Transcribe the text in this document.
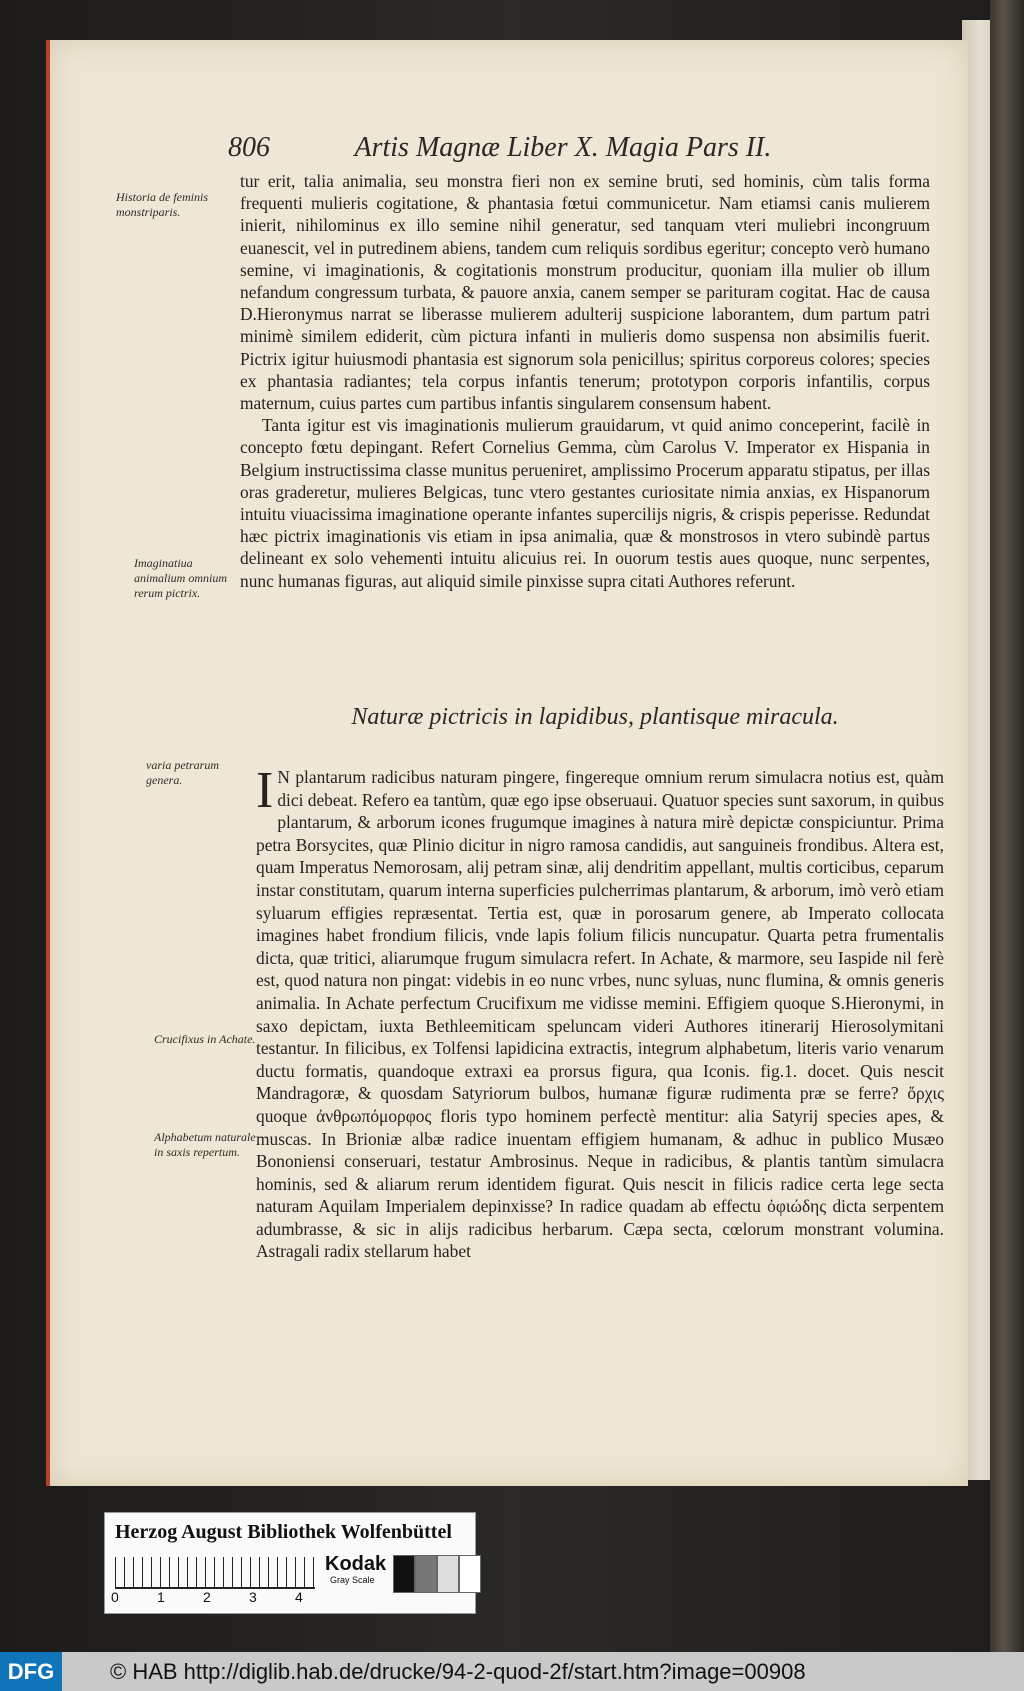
806	Artis Magnæ Liber X. Magia Pars II.
Historia de feminis monstriparis.
Imaginatiua animalium omnium rerum pictrix.
varia petrarum genera.
Crucifixus in Achate.
Alphabetum naturale in saxis repertum.

tur erit, talia animalia, seu monstra fieri non ex semine bruti, sed hominis, cùm talis forma frequenti mulieris cogitatione, & phantasia fœtui communicetur. Nam etiamsi canis mulierem inierit, nihilominus ex illo semine nihil generatur, sed tanquam vteri muliebri incongruum euanescit, vel in putredinem abiens, tandem cum reliquis sordibus egeritur; concepto verò humano semine, vi imaginationis, & cogitationis monstrum producitur, quoniam illa mulier ob illum nefandum congressum turbata, & pauore anxia, canem semper se parituram cogitat. Hac de causa D.Hieronymus narrat se liberasse mulierem adulterij suspicione laborantem, dum partum patri minimè similem ediderit, cùm pictura infanti in mulieris domo suspensa non absimilis fuerit. Pictrix igitur huiusmodi phantasia est signorum sola penicillus; spiritus corporeus colores; species ex phantasia radiantes; tela corpus infantis tenerum; prototypon corporis infantilis, corpus maternum, cuius partes cum partibus infantis singularem consensum habent.

Tanta igitur est vis imaginationis mulierum grauidarum, vt quid animo conceperint, facilè in concepto fœtu depingant. Refert Cornelius Gemma, cùm Carolus V. Imperator ex Hispania in Belgium instructissima classe munitus perueniret, amplissimo Procerum apparatu stipatus, per illas oras graderetur, mulieres Belgicas, tunc vtero gestantes curiositate nimia anxias, ex Hispanorum intuitu viuacissima imaginatione operante infantes supercilijs nigris, & crispis peperisse. Redundat hæc pictrix imaginationis vis etiam in ipsa animalia, quæ & monstrosos in vtero subindè partus delineant ex solo vehementi intuitu alicuius rei. In ouorum testis aues quoque, nunc serpentes, nunc humanas figuras, aut aliquid simile pinxisse supra citati Authores referunt.

Naturæ pictricis in lapidibus, plantisque miracula.
I N plantarum radicibus naturam pingere, fingereque omnium rerum simulacra notius est, quàm dici debeat. Refero ea tantùm, quæ ego ipse obseruaui. Quatuor species sunt saxorum, in quibus plantarum, & arborum icones frugumque imagines à natura mirè depictæ conspiciuntur. Prima petra Borsycites, quæ Plinio dicitur in nigro ramosa candidis, aut sanguineis frondibus. Altera est, quam Imperatus Nemorosam, alij petram sinæ, alij dendritim appellant, multis corticibus, ceparum instar constitutam, quarum interna superficies pulcherrimas plantarum, & arborum, imò verò etiam syluarum effigies repræsentat. Tertia est, quæ in porosarum genere, ab Imperato collocata imagines habet frondium filicis, vnde lapis folium filicis nuncupatur. Quarta petra frumentalis dicta, quæ tritici, aliarumque frugum simulacra refert. In Achate, & marmore, seu Iaspide nil ferè est, quod natura non pingat: videbis in eo nunc vrbes, nunc syluas, nunc flumina, & omnis generis animalia. In Achate perfectum Crucifixum me vidisse memini. Effigiem quoque S.Hieronymi, in saxo depictam, iuxta Bethleemiticam speluncam videri Authores itinerarij Hierosolymitani testantur. In filicibus, ex Tolfensi lapidicina extractis, integrum alphabetum, literis vario venarum ductu formatis, quandoque extraxi ea prorsus figura, qua Iconis. fig.1. docet. Quis nescit Mandragoræ, & quosdam Satyriorum bulbos, humanæ figuræ rudimenta præ se ferre? ὄρχις quoque ἀνθρωπόμορφος floris typo hominem perfectè mentitur: alia Satyrij species apes, & muscas. In Brioniæ albæ radice inuentam effigiem humanam, & adhuc in publico Musæo Bononiensi conseruari, testatur Ambrosinus. Neque in radicibus, & plantis tantùm simulacra hominis, sed & aliarum rerum identidem figurat. Quis nescit in filicis radice certa lege secta naturam Aquilam Imperialem depinxisse? In radice quadam ab effectu ὀφιώδης dicta serpentem adumbrasse, & sic in alijs radicibus herbarum. Cæpa secta, cœlorum monstrant volumina. Astragali radix stellarum habet
Herzog August Bibliothek Wolfenbüttel
0	1	2	3	4
Kodak
Gray Scale
DFG	© HAB http://diglib.hab.de/drucke/94-2-quod-2f/start.htm?image=00908
